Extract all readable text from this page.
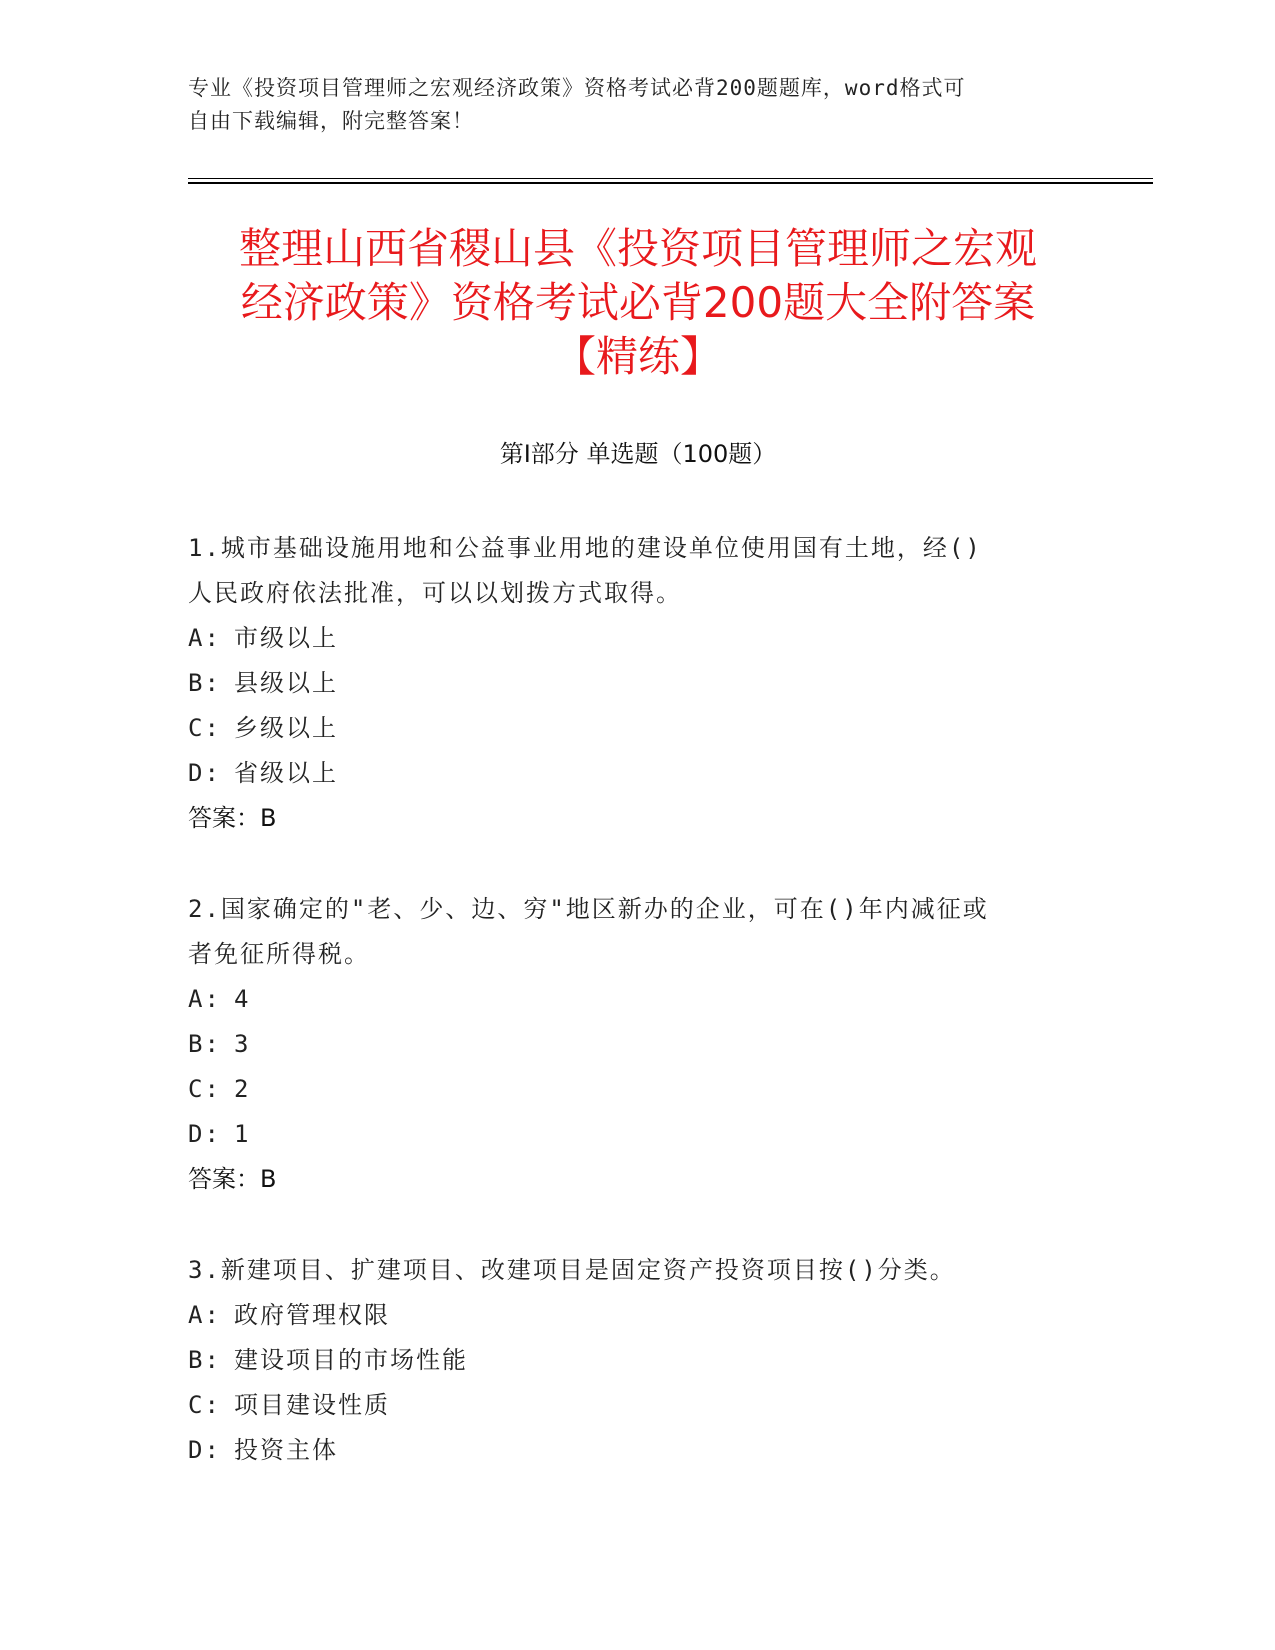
专业《投资项目管理师之宏观经济政策》资格考试必背200题题库，word格式可
自由下载编辑，附完整答案！
整理山西省稷山县《投资项目管理师之宏观
经济政策》资格考试必背200题大全附答案
【精练】
第Ⅰ部分 单选题（100题）
1.城市基础设施用地和公益事业用地的建设单位使用国有土地，经()
人民政府依法批准，可以以划拨方式取得。
A: 市级以上
B: 县级以上
C: 乡级以上
D: 省级以上
答案：B
2.国家确定的"老、少、边、穷"地区新办的企业，可在()年内减征或
者免征所得税。
A: 4
B: 3
C: 2
D: 1
答案：B
3.新建项目、扩建项目、改建项目是固定资产投资项目按()分类。
A: 政府管理权限
B: 建设项目的市场性能
C: 项目建设性质
D: 投资主体
